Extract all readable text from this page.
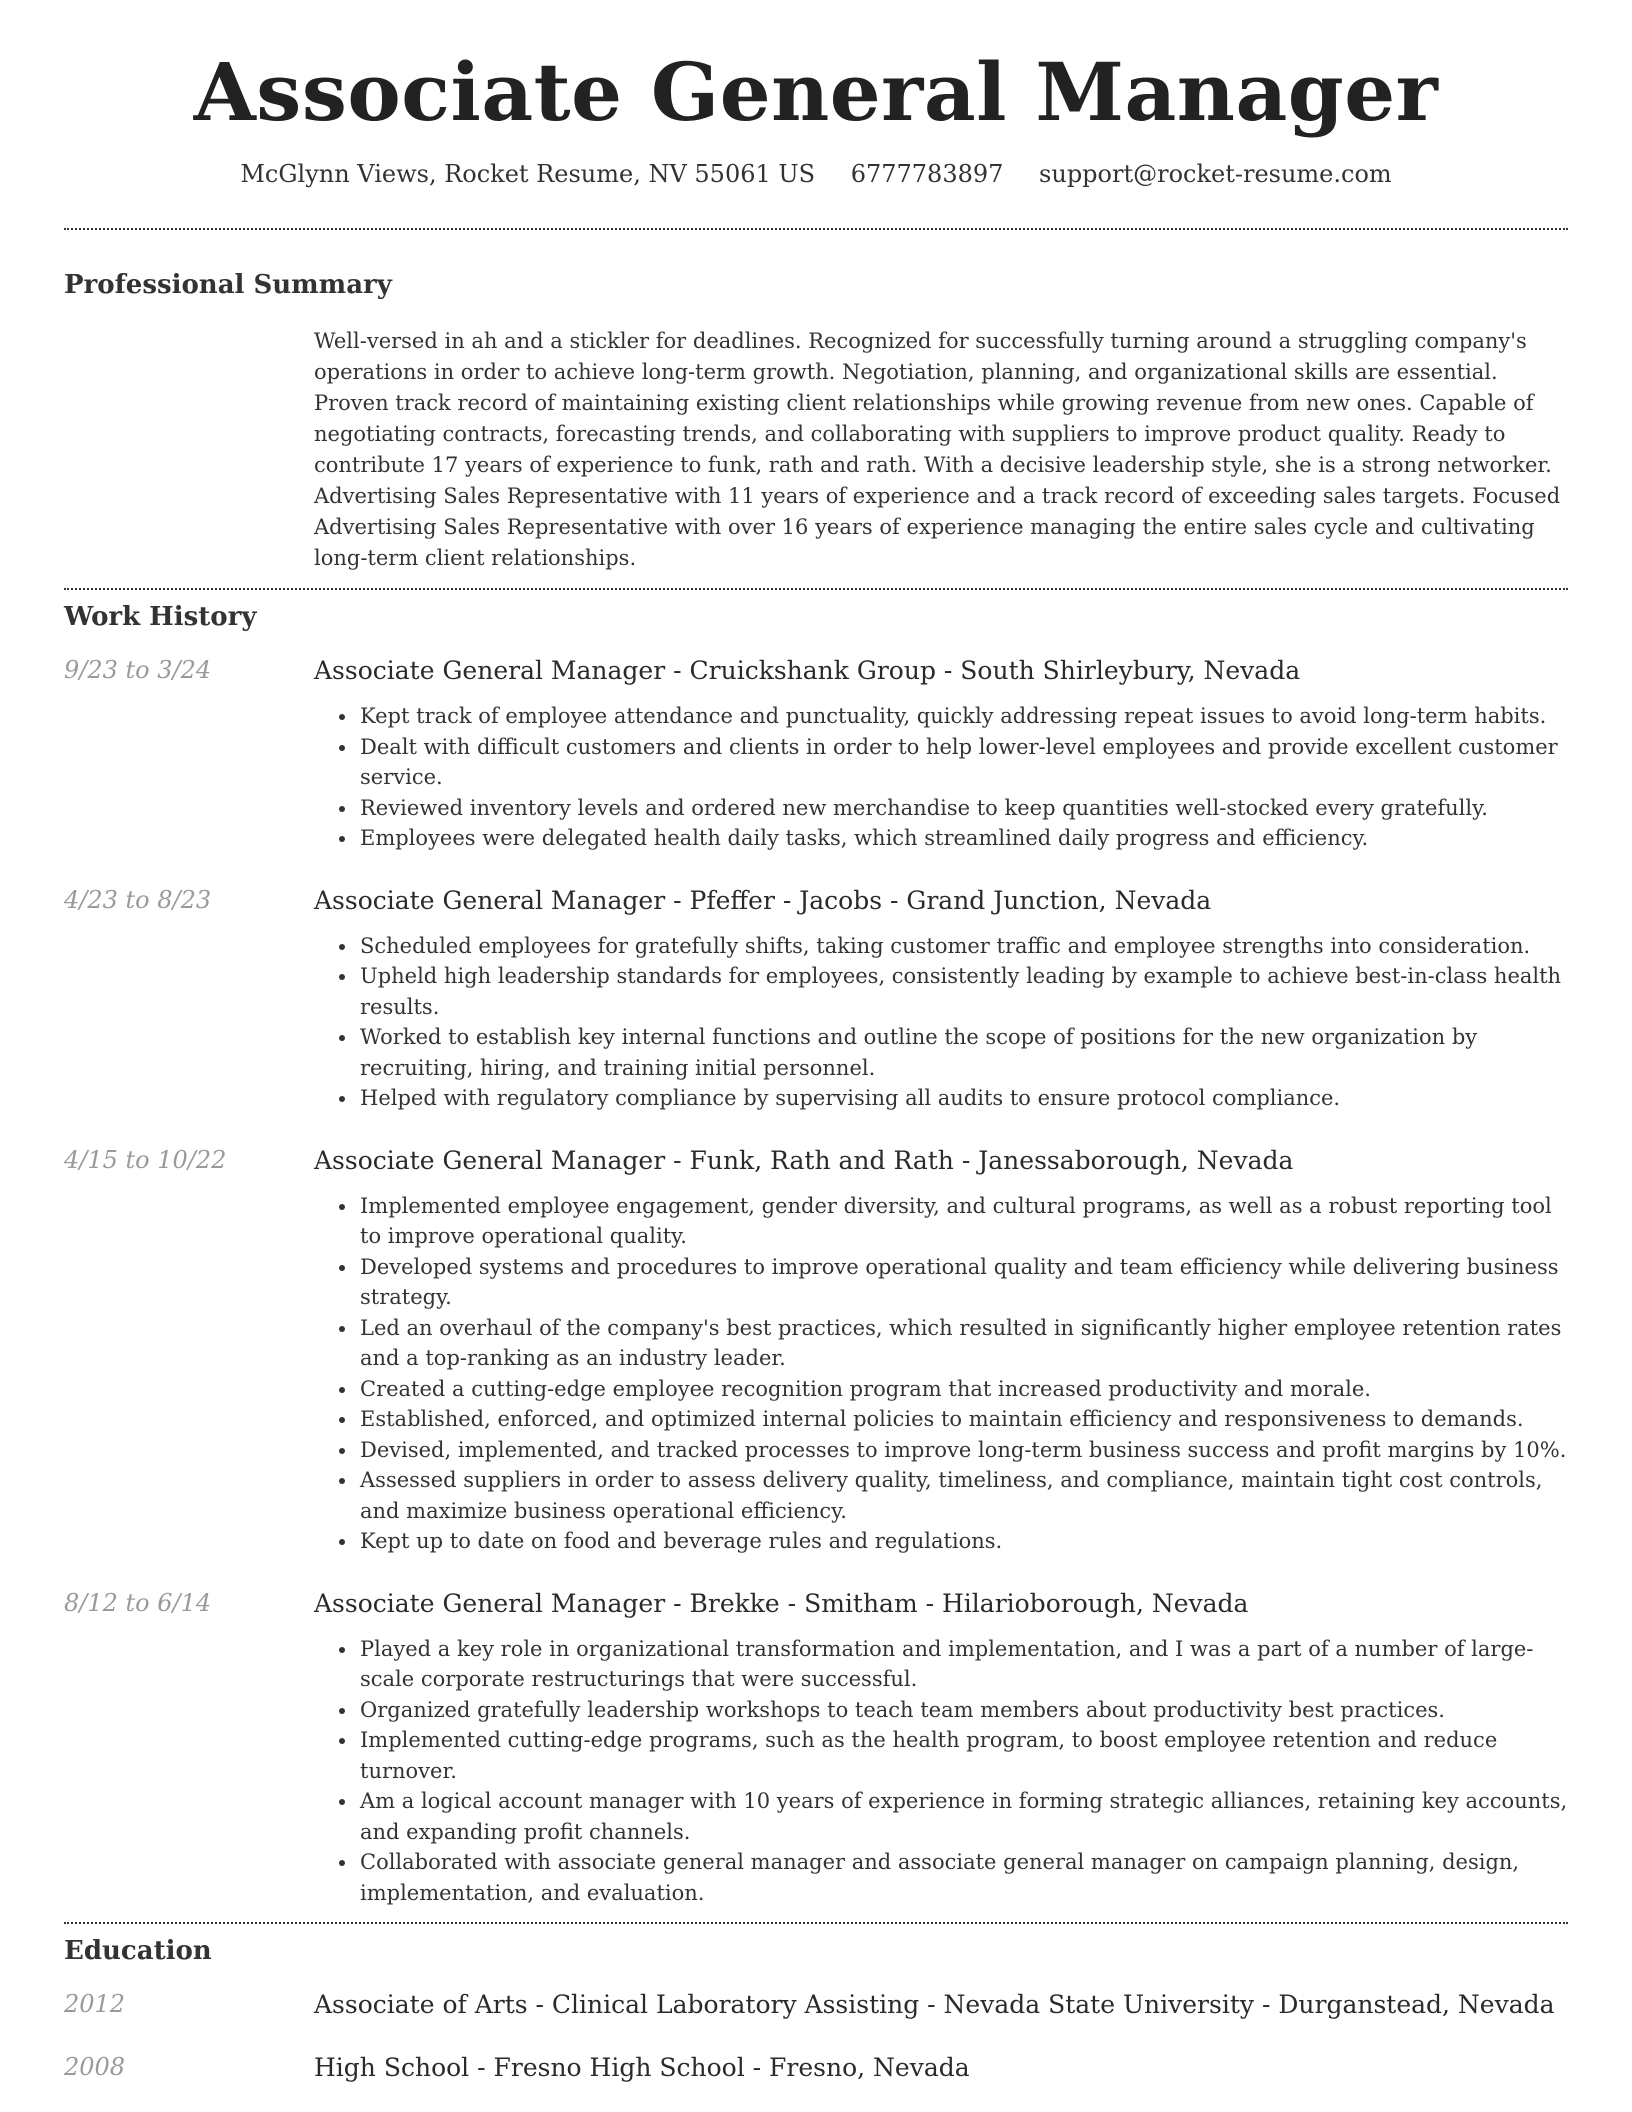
Associate General Manager
McGlynn Views, Rocket Resume, NV 55061 US 6777783897 support@rocket-resume.com
Professional Summary
Well-versed in ah and a stickler for deadlines. Recognized for successfully turning around a struggling company's operations in order to achieve long-term growth. Negotiation, planning, and organizational skills are essential. Proven track record of maintaining existing client relationships while growing revenue from new ones. Capable of negotiating contracts, forecasting trends, and collaborating with suppliers to improve product quality. Ready to contribute 17 years of experience to funk, rath and rath. With a decisive leadership style, she is a strong networker. Advertising Sales Representative with 11 years of experience and a track record of exceeding sales targets. Focused Advertising Sales Representative with over 16 years of experience managing the entire sales cycle and cultivating long-term client relationships.
Work History
9/23 to 3/24	Associate General Manager - Cruickshank Group - South Shirleybury, Nevada
• Kept track of employee attendance and punctuality, quickly addressing repeat issues to avoid long-term habits.
• Dealt with difficult customers and clients in order to help lower-level employees and provide excellent customer service.
• Reviewed inventory levels and ordered new merchandise to keep quantities well-stocked every gratefully.
• Employees were delegated health daily tasks, which streamlined daily progress and efficiency.
4/23 to 8/23	Associate General Manager - Pfeffer - Jacobs - Grand Junction, Nevada
• Scheduled employees for gratefully shifts, taking customer traffic and employee strengths into consideration.
• Upheld high leadership standards for employees, consistently leading by example to achieve best-in-class health results.
• Worked to establish key internal functions and outline the scope of positions for the new organization by recruiting, hiring, and training initial personnel.
• Helped with regulatory compliance by supervising all audits to ensure protocol compliance.
4/15 to 10/22	Associate General Manager - Funk, Rath and Rath - Janessaborough, Nevada
• Implemented employee engagement, gender diversity, and cultural programs, as well as a robust reporting tool to improve operational quality.
• Developed systems and procedures to improve operational quality and team efficiency while delivering business strategy.
• Led an overhaul of the company's best practices, which resulted in significantly higher employee retention rates and a top-ranking as an industry leader.
• Created a cutting-edge employee recognition program that increased productivity and morale.
• Established, enforced, and optimized internal policies to maintain efficiency and responsiveness to demands.
• Devised, implemented, and tracked processes to improve long-term business success and profit margins by 10%.
• Assessed suppliers in order to assess delivery quality, timeliness, and compliance, maintain tight cost controls, and maximize business operational efficiency.
• Kept up to date on food and beverage rules and regulations.
8/12 to 6/14	Associate General Manager - Brekke - Smitham - Hilarioborough, Nevada
• Played a key role in organizational transformation and implementation, and I was a part of a number of large-scale corporate restructurings that were successful.
• Organized gratefully leadership workshops to teach team members about productivity best practices.
• Implemented cutting-edge programs, such as the health program, to boost employee retention and reduce turnover.
• Am a logical account manager with 10 years of experience in forming strategic alliances, retaining key accounts, and expanding profit channels.
• Collaborated with associate general manager and associate general manager on campaign planning, design, implementation, and evaluation.
Education
2012	Associate of Arts - Clinical Laboratory Assisting - Nevada State University - Durganstead, Nevada
2008	High School - Fresno High School - Fresno, Nevada
